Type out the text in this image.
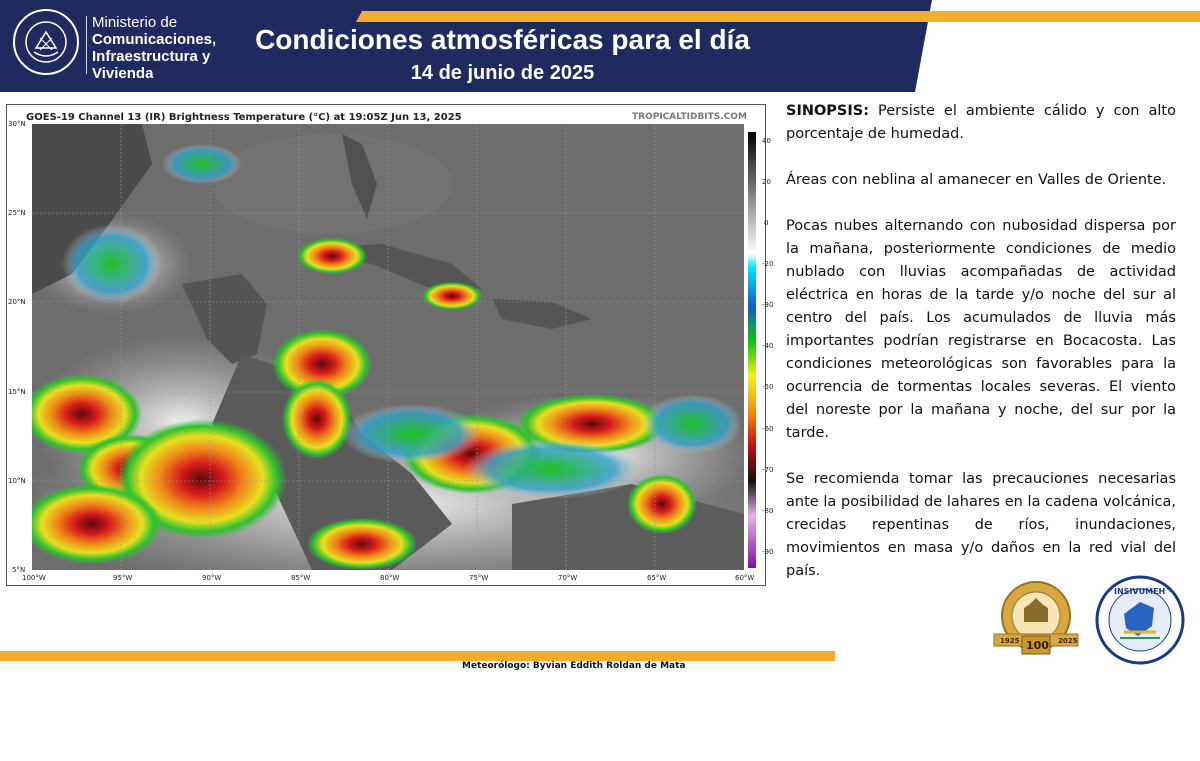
Ministerio de
Comunicaciones,
Infraestructura y
Vivienda
Condiciones atmosféricas para el día
14 de junio de 2025
GOES-19 Channel 13 (IR) Brightness Temperature (°C) at 19:05Z Jun 13, 2025	TROPICALTIDBITS.COM
40
20
0
-20
-30
-40
-50
-60
-70
-80
-90
30°N
25°N
20°N
15°N
10°N
5°N
100°W	95°W	90°W	85°W	80°W	75°W	70°W	65°W	60°W

SINOPSIS: Persiste el ambiente cálido y con alto porcentaje de humedad.

Áreas con neblina al amanecer en Valles de Oriente.

Pocas nubes alternando con nubosidad dispersa por la mañana, posteriormente condiciones de medio nublado con lluvias acompañadas de actividad eléctrica en horas de la tarde y/o noche del sur al centro del país. Los acumulados de lluvia más importantes podrían registrarse en Bocacosta. Las condiciones meteorológicas son favorables para la ocurrencia de tormentas locales severas. El viento del noreste por la mañana y noche, del sur por la tarde.

Se recomienda tomar las precauciones necesarias ante la posibilidad de lahares en la cadena volcánica, crecidas repentinas de ríos, inundaciones, movimientos en masa y/o daños en la red vial del país.

Meteorólogo: Byvian Eddith Roldan de Mata
1925	2025
100
INSIVUMEH
